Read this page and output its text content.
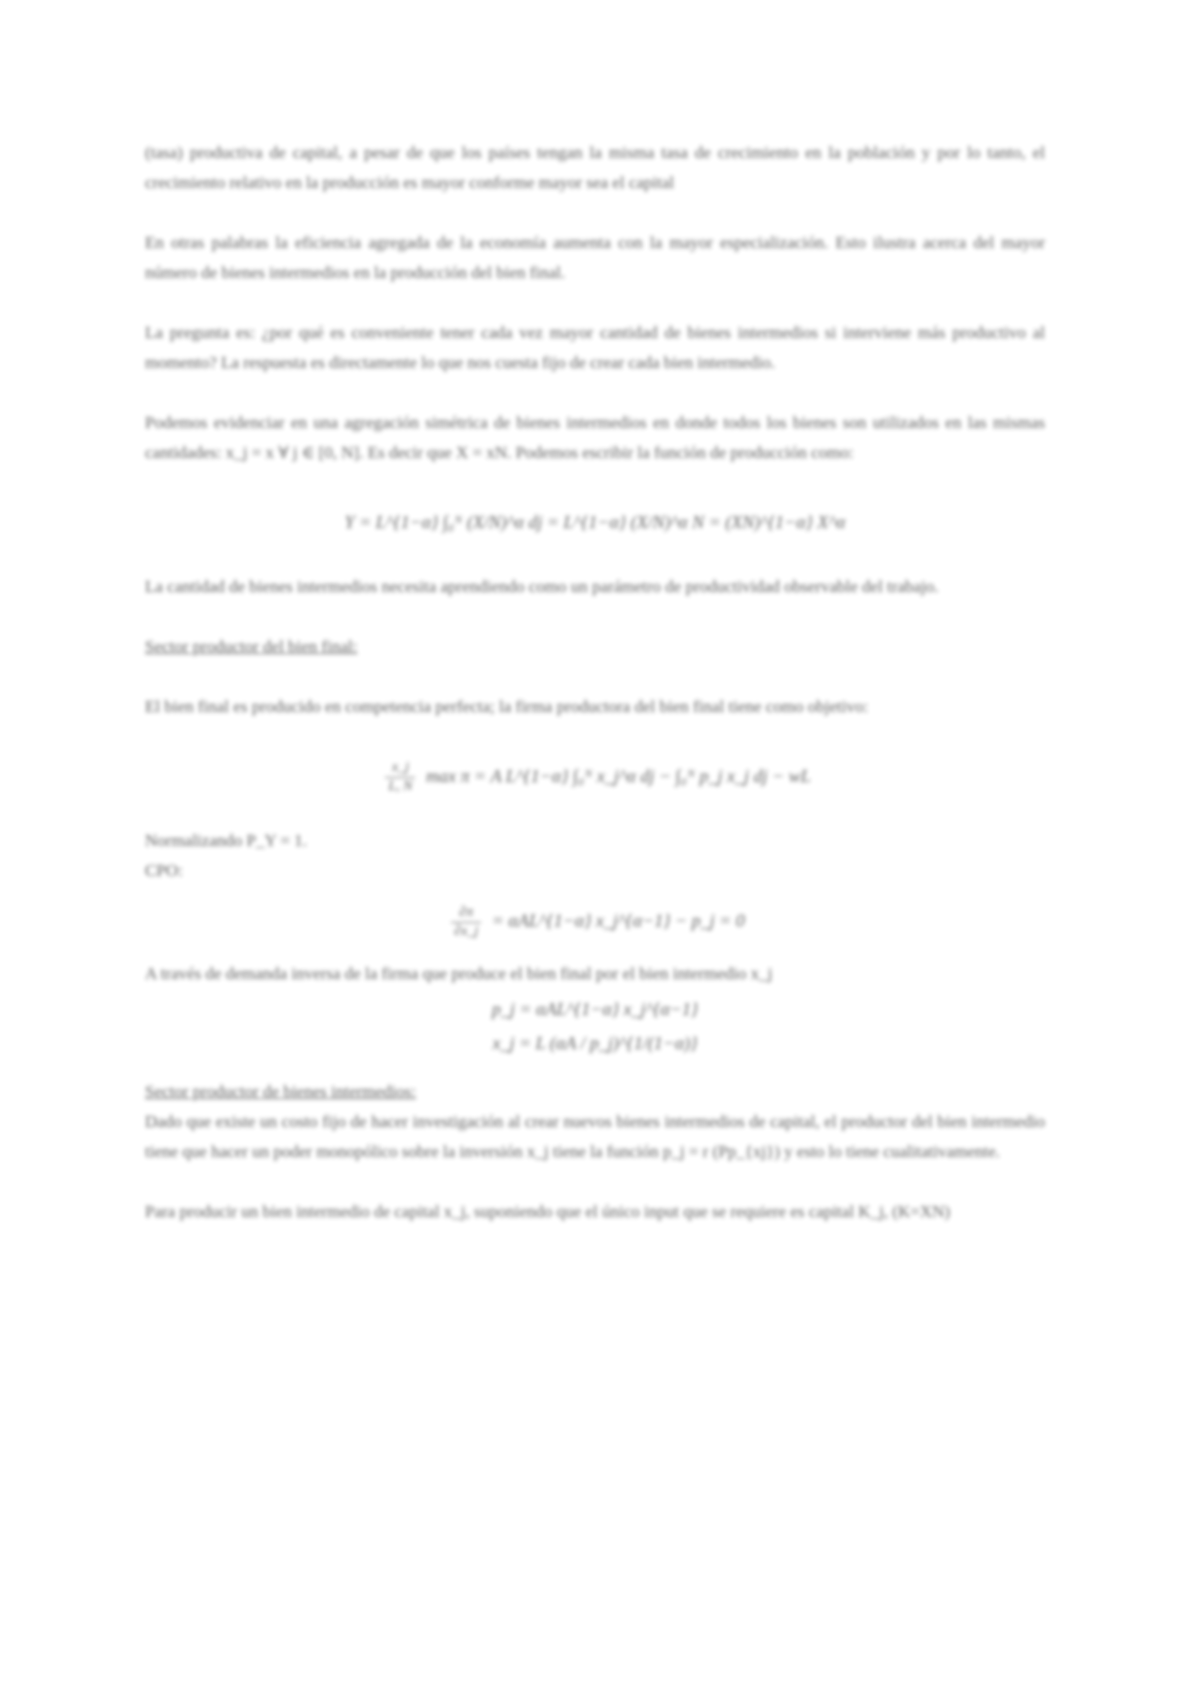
(tasa) productiva de capital, a pesar de que los países tengan la misma tasa de crecimiento en la población y por lo tanto, el crecimiento relativo en la producción es mayor conforme mayor sea el capital

En otras palabras la eficiencia agregada de la economía aumenta con la mayor especialización. Esto ilustra acerca del mayor número de bienes intermedios en la producción del bien final.

La pregunta es: ¿por qué es conveniente tener cada vez mayor cantidad de bienes intermedios si interviene más productivo al momento? La respuesta es directamente lo que nos cuesta fijo de crear cada bien intermedio.

Podemos evidenciar en una agregación simétrica de bienes intermedios en donde todos los bienes son utilizados en las mismas cantidades: x_j = x ∀ j ∈ [0, N]. Es decir que X = xN. Podemos escribir la función de producción como:

Y = L^{1−α} ∫₀ᴺ (X/N)^α dj = L^{1−α} (X/N)^α N = (XN)^{1−α} X^α

La cantidad de bienes intermedios necesita aprendiendo como un parámetro de productividad observable del trabajo.

Sector productor del bien final:

El bien final es producido en competencia perfecta; la firma productora del bien final tiene como objetivo:

$\frac{x\_j}{L, N}$ max π = A L^{1−α} ∫₀ᴺ x_j^α dj − ∫₀ᴺ p_j x_j dj − wL

Normalizando P_Y = 1.

CPO:

$\frac{\partial\pi}{\partial x\_j}$ = αAL^{1−α} x_j^{α−1} − p_j = 0

A través de demanda inversa de la firma que produce el bien final por el bien intermedio x_j

p_j = αAL^{1−α} x_j^{α−1}
x_j = L (αA / p_j)^{1/(1−α)}

Sector productor de bienes intermedios:

Dado que existe un costo fijo de hacer investigación al crear nuevos bienes intermedios de capital, el productor del bien intermedio tiene que hacer un poder monopólico sobre la inversión x_j tiene la función p_j = r (Pp_{xj}) y esto lo tiene cualitativamente.

Para producir un bien intermedio de capital x_j, suponiendo que el único input que se requiere es capital K_j, (K=XN)
